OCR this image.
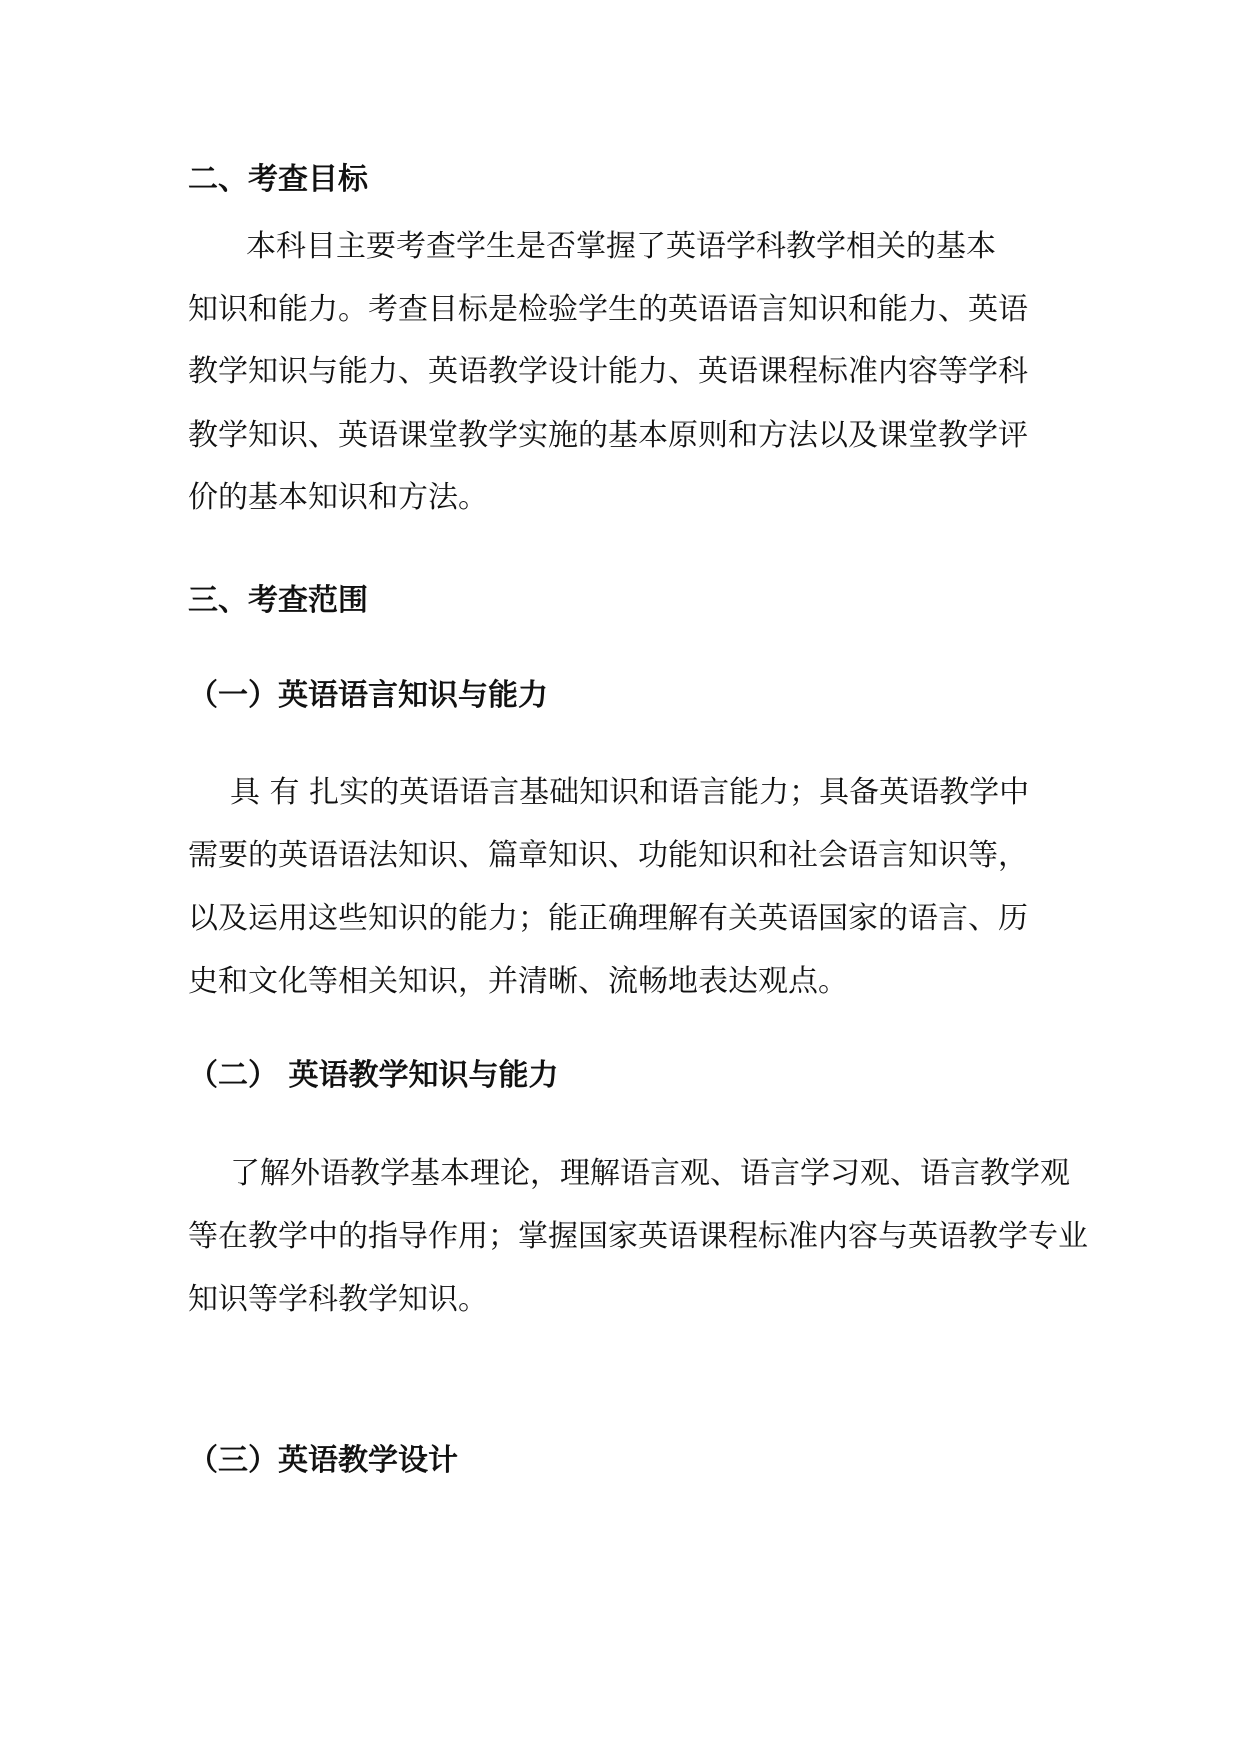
二、考查目标

本科目主要考查学生是否掌握了英语学科教学相关的基本

知识和能力。考查目标是检验学生的英语语言知识和能力、英语

教学知识与能力、英语教学设计能力、英语课程标准内容等学科

教学知识、英语课堂教学实施的基本原则和方法以及课堂教学评

价的基本知识和方法。

三、考查范围
（一）英语语言知识与能力

具 有 扎实的英语语言基础知识和语言能力；具备英语教学中

需要的英语语法知识、篇章知识、功能知识和社会语言知识等，

以及运用这些知识的能力；能正确理解有关英语国家的语言、历

史和文化等相关知识，并清晰、流畅地表达观点。

（二） 英语教学知识与能力

了解外语教学基本理论，理解语言观、语言学习观、语言教学观

等在教学中的指导作用；掌握国家英语课程标准内容与英语教学专业

知识等学科教学知识。

（三）英语教学设计
